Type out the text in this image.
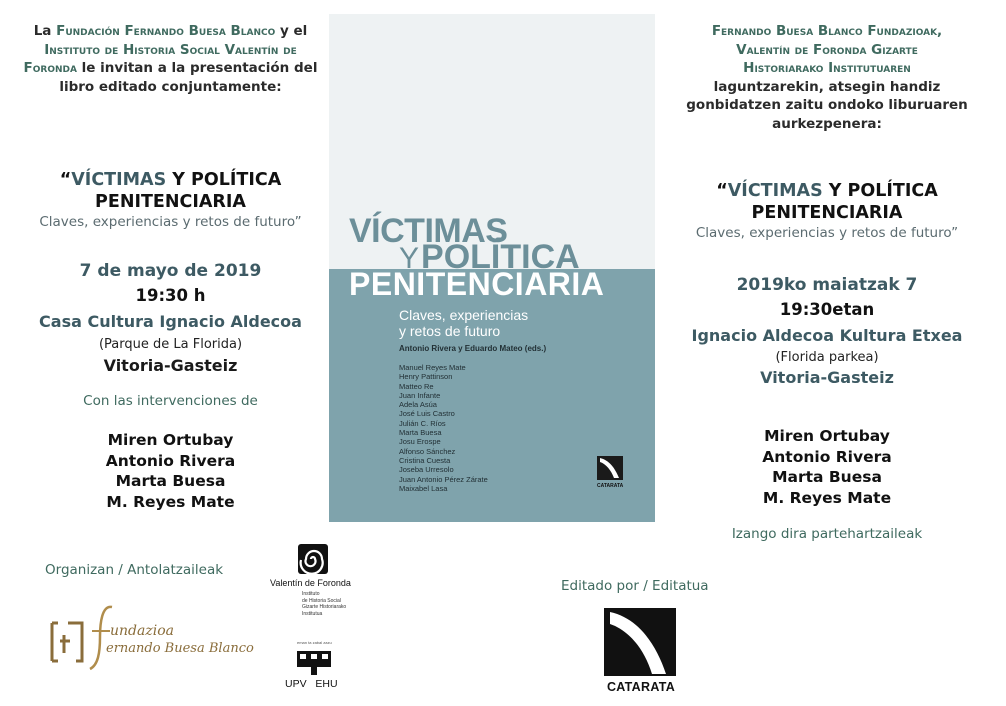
La Fundación Fernando Buesa Blanco y el Instituto de Historia Social Valentín de Foronda le invitan a la presentación del libro editado conjuntamente:
“VÍCTIMAS Y POLÍTICA
PENITENCIARIA
Claves, experiencias y retos de futuro”
7 de mayo de 2019
19:30 h
Casa Cultura Ignacio Aldecoa
(Parque de La Florida)
Vitoria-Gasteiz
Con las intervenciones de
Miren Ortubay
Antonio Rivera
Marta Buesa
M. Reyes Mate
VÍCTIMAS
YPOLÍTICA
PENITENCIARIA
Claves, experiencias
y retos de futuro
Antonio Rivera y Eduardo Mateo (eds.)
Manuel Reyes Mate
Henry Pattinson
Matteo Re
Juan Infante
Adela Asúa
José Luis Castro
Julián C. Ríos
Marta Buesa
Josu Erospe
Alfonso Sánchez
Cristina Cuesta
Joseba Urresolo
Juan Antonio Pérez Zárate
Maixabel Lasa	CATARATA
Fernando Buesa Blanco Fundazioak,
Valentín de Foronda Gizarte Historiarako Institutuaren
laguntzarekin, atsegin handiz gonbidatzen zaitu ondoko liburuaren aurkezpenera:
“VÍCTIMAS Y POLÍTICA
PENITENCIARIA
Claves, experiencias y retos de futuro”
2019ko maiatzak 7
19:30etan
Ignacio Aldecoa Kultura Etxea
(Florida parkea)
Vitoria-Gasteiz
Miren Ortubay
Antonio Rivera
Marta Buesa
M. Reyes Mate
Izango dira partehartzaileak
Organizan / Antolatzaileak
undazioa
ernando Buesa Blanco
Valentín de Foronda
Instituto
de Historia Social
Gizarte Historiarako
Institutua
eman ta zabal zazu
UPV EHU
Editado por / Editatua
CATARATA
